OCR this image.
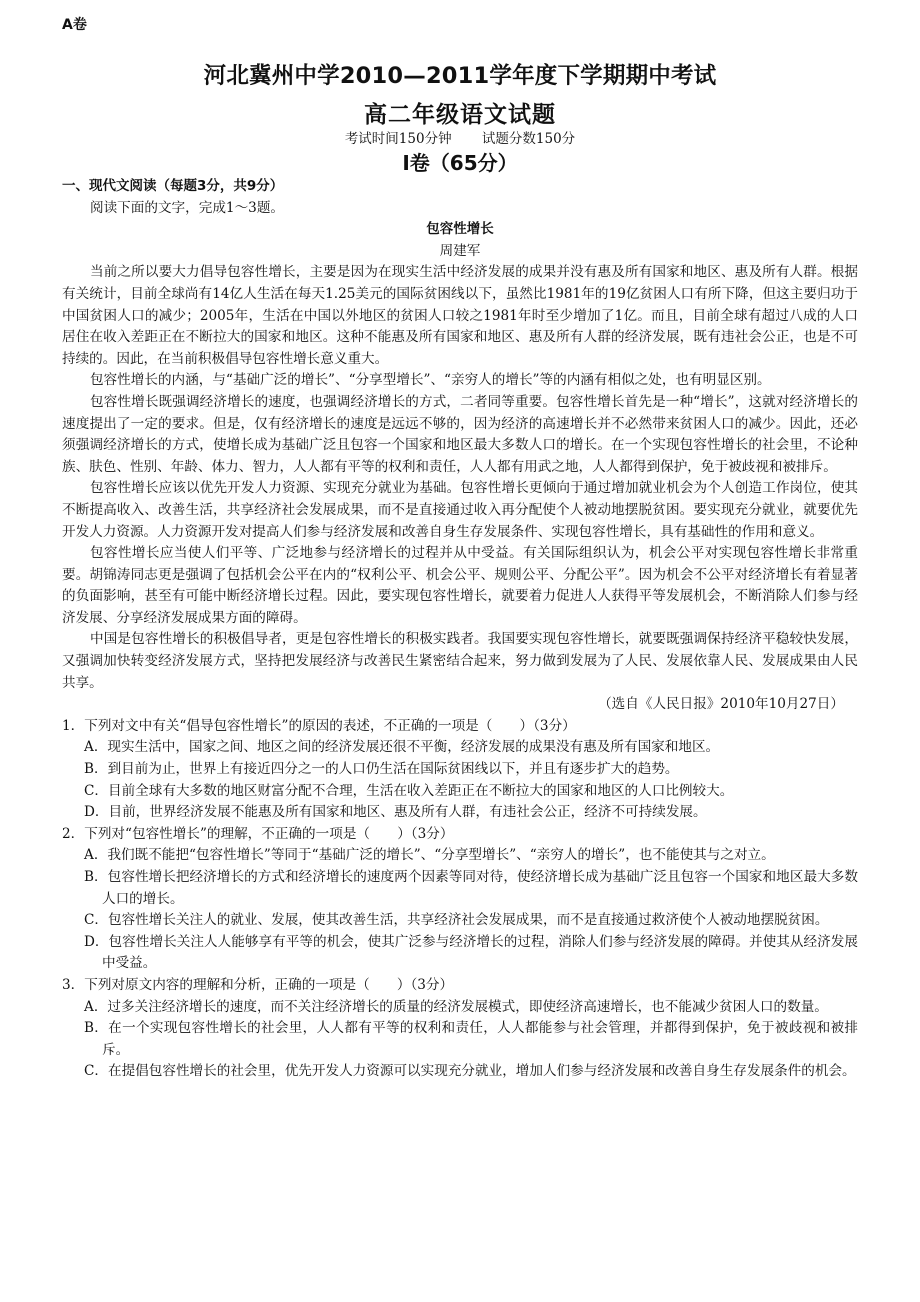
A卷
河北冀州中学2010—2011学年度下学期期中考试
高二年级语文试题
考试时间150分钟 试题分数150分
I卷（65分）

一、现代文阅读（每题3分，共9分）

阅读下面的文字，完成1～3题。

包容性增长

周建军

当前之所以要大力倡导包容性增长，主要是因为在现实生活中经济发展的成果并没有惠及所有国家和地区、惠及所有人群。根据有关统计，目前全球尚有14亿人生活在每天1.25美元的国际贫困线以下，虽然比1981年的19亿贫困人口有所下降，但这主要归功于中国贫困人口的减少；2005年，生活在中国以外地区的贫困人口较之1981年时至少增加了1亿。而且，目前全球有超过八成的人口居住在收入差距正在不断拉大的国家和地区。这种不能惠及所有国家和地区、惠及所有人群的经济发展，既有违社会公正，也是不可持续的。因此，在当前积极倡导包容性增长意义重大。

包容性增长的内涵，与“基础广泛的增长”、“分享型增长”、“亲穷人的增长”等的内涵有相似之处，也有明显区别。

包容性增长既强调经济增长的速度，也强调经济增长的方式，二者同等重要。包容性增长首先是一种“增长”，这就对经济增长的速度提出了一定的要求。但是，仅有经济增长的速度是远远不够的，因为经济的高速增长并不必然带来贫困人口的减少。因此，还必须强调经济增长的方式，使增长成为基础广泛且包容一个国家和地区最大多数人口的增长。在一个实现包容性增长的社会里，不论种族、肤色、性别、年龄、体力、智力，人人都有平等的权利和责任，人人都有用武之地，人人都得到保护，免于被歧视和被排斥。

包容性增长应该以优先开发人力资源、实现充分就业为基础。包容性增长更倾向于通过增加就业机会为个人创造工作岗位，使其不断提高收入、改善生活，共享经济社会发展成果，而不是直接通过收入再分配使个人被动地摆脱贫困。要实现充分就业，就要优先开发人力资源。人力资源开发对提高人们参与经济发展和改善自身生存发展条件、实现包容性增长，具有基础性的作用和意义。

包容性增长应当使人们平等、广泛地参与经济增长的过程并从中受益。有关国际组织认为，机会公平对实现包容性增长非常重要。胡锦涛同志更是强调了包括机会公平在内的“权利公平、机会公平、规则公平、分配公平”。因为机会不公平对经济增长有着显著的负面影响，甚至有可能中断经济增长过程。因此，要实现包容性增长，就要着力促进人人获得平等发展机会，不断消除人们参与经济发展、分享经济发展成果方面的障碍。

中国是包容性增长的积极倡导者，更是包容性增长的积极实践者。我国要实现包容性增长，就要既强调保持经济平稳较快发展，又强调加快转变经济发展方式，坚持把发展经济与改善民生紧密结合起来，努力做到发展为了人民、发展依靠人民、发展成果由人民共享。

（选自《人民日报》2010年10月27日）

1．下列对文中有关“倡导包容性增长”的原因的表述，不正确的一项是（　　）（3分）

A．现实生活中，国家之间、地区之间的经济发展还很不平衡，经济发展的成果没有惠及所有国家和地区。

B．到目前为止，世界上有接近四分之一的人口仍生活在国际贫困线以下，并且有逐步扩大的趋势。

C．目前全球有大多数的地区财富分配不合理，生活在收入差距正在不断拉大的国家和地区的人口比例较大。

D．目前，世界经济发展不能惠及所有国家和地区、惠及所有人群，有违社会公正，经济不可持续发展。

2．下列对“包容性增长”的理解，不正确的一项是（　　）（3分）

A．我们既不能把“包容性增长”等同于“基础广泛的增长”、“分享型增长”、“亲穷人的增长”，也不能使其与之对立。

B．包容性增长把经济增长的方式和经济增长的速度两个因素等同对待，使经济增长成为基础广泛且包容一个国家和地区最大多数人口的增长。

C．包容性增长关注人的就业、发展，使其改善生活，共享经济社会发展成果，而不是直接通过救济使个人被动地摆脱贫困。

D．包容性增长关注人人能够享有平等的机会，使其广泛参与经济增长的过程，消除人们参与经济发展的障碍。并使其从经济发展中受益。

3．下列对原文内容的理解和分析，正确的一项是（　　）（3分）

A．过多关注经济增长的速度，而不关注经济增长的质量的经济发展模式，即使经济高速增长，也不能减少贫困人口的数量。

B．在一个实现包容性增长的社会里，人人都有平等的权利和责任，人人都能参与社会管理，并都得到保护，免于被歧视和被排斥。

C．在提倡包容性增长的社会里，优先开发人力资源可以实现充分就业，增加人们参与经济发展和改善自身生存发展条件的机会。
